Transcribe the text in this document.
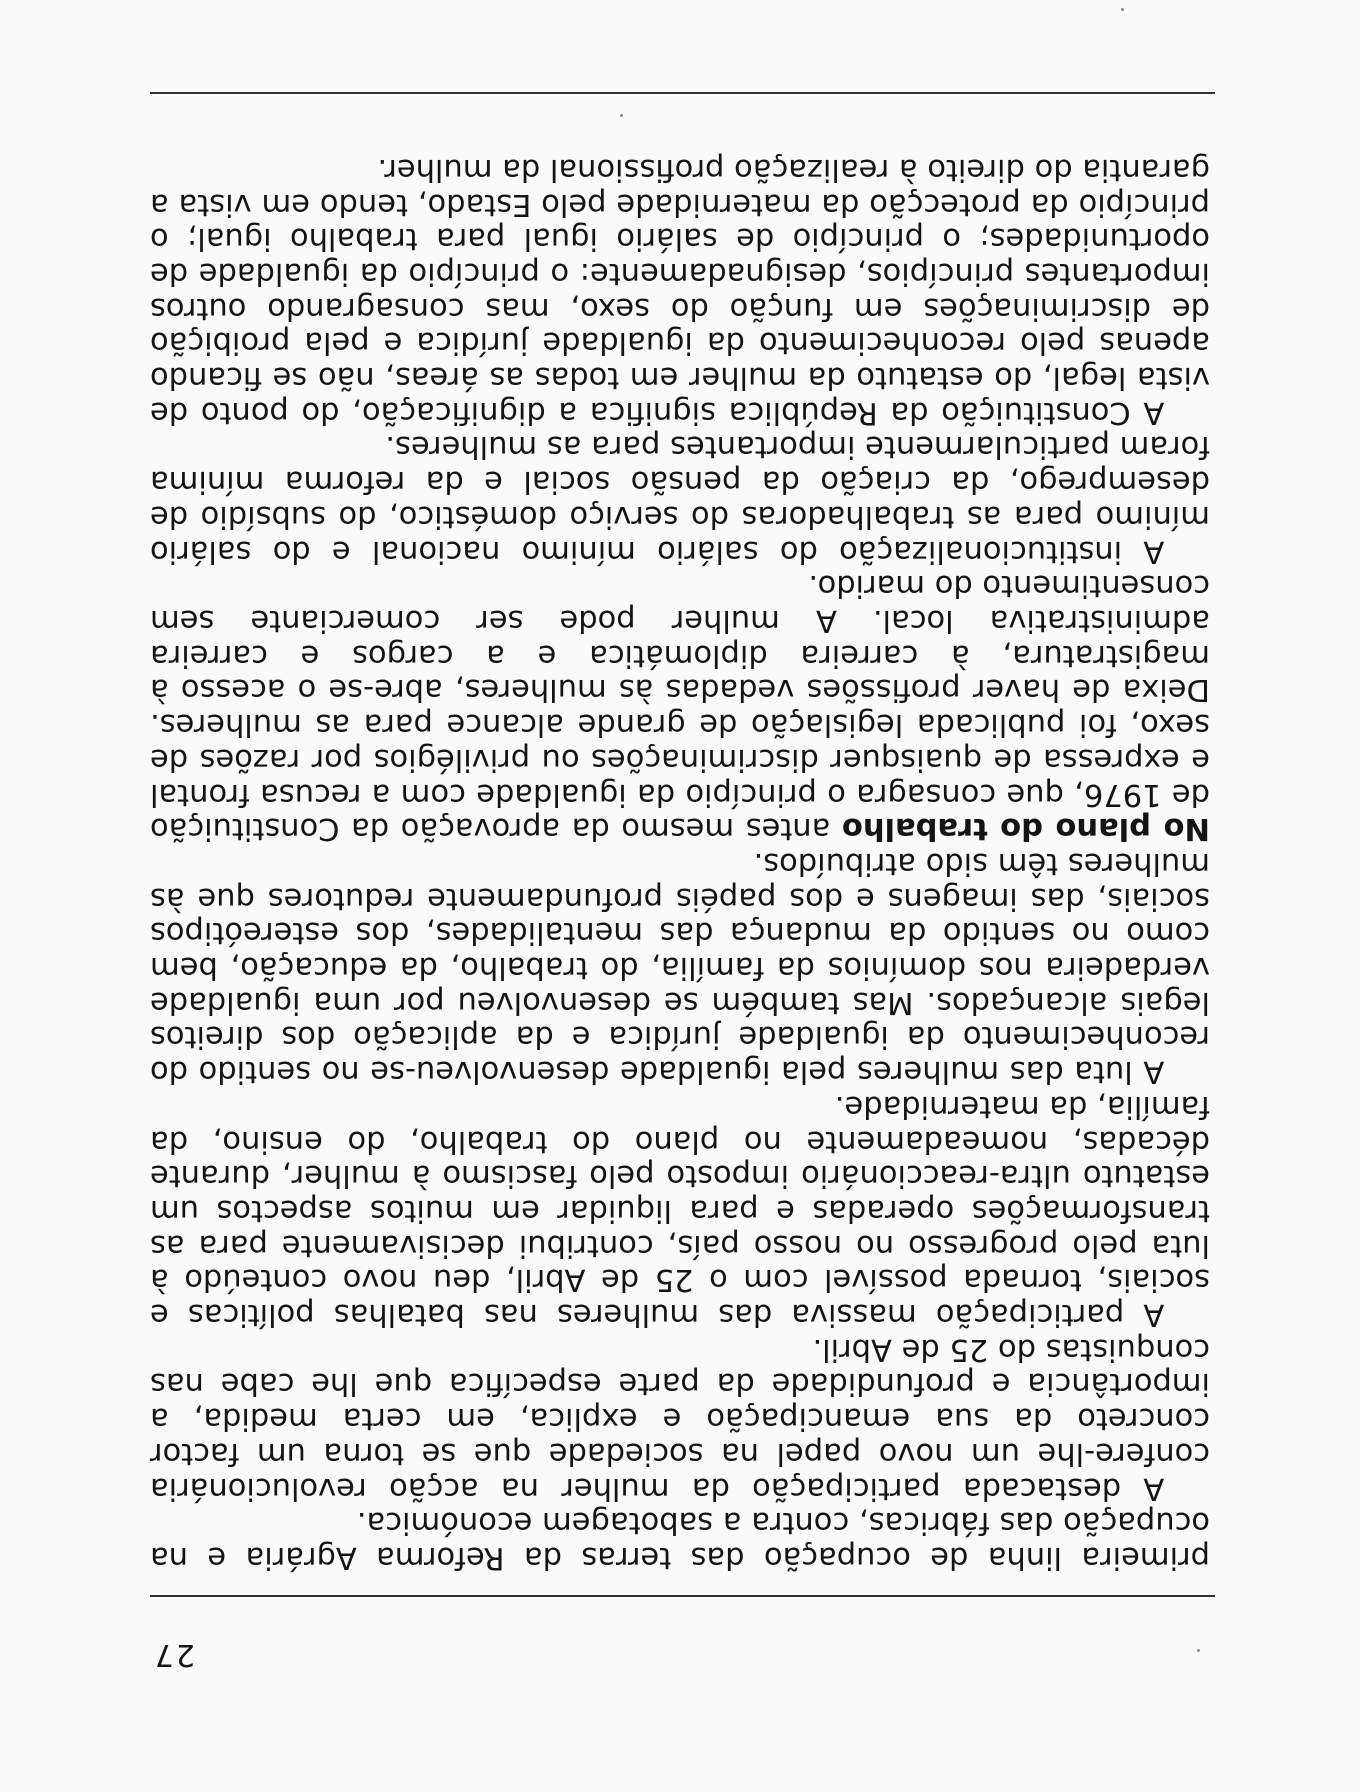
27

primeira linha de ocupação das terras da Reforma Agrária e na ocupação das fábricas, contra a sabotagem económica.

A destacada participação da mulher na acção revolucionária confere-lhe um novo papel na sociedade que se torna um factor concreto da sua emancipação e explica, em certa medida, a importância e profundidade da parte específica que lhe cabe nas conquistas do 25 de Abril.

A participação massiva das mulheres nas batalhas políticas e sociais, tornada possível com o 25 de Abril, deu novo conteúdo à luta pelo progresso no nosso país, contribui decisivamente para as transformações operadas e para liquidar em muitos aspectos um estatuto ultra-reaccionário imposto pelo fascismo à mulher, durante décadas, nomeadamente no plano do trabalho, do ensino, da família, da maternidade.

A luta das mulheres pela igualdade desenvolveu-se no sentido do reconhecimento da igualdade jurídica e da aplicação dos direitos legais alcançados. Mas também se desenvolveu por uma igualdade verdadeira nos domínios da família, do trabalho, da educação, bem como no sentido da mudança das mentalidades, dos estereótipos sociais, das imagens e dos papéis profundamente redutores que às mulheres têm sido atribuídos.

No plano do trabalho antes mesmo da aprovação da Constituição de 1976, que consagra o princípio da igualdade com a recusa frontal e expressa de quaisquer discriminações ou privilégios por razões de sexo, foi publicada legislação de grande alcance para as mulheres. Deixa de haver profissões vedadas às mulheres, abre-se o acesso à magistratura, à carreira diplomática e a cargos e carreira administrativa local. A mulher pode ser comerciante sem consentimento do marido.

A institucionalização do salário mínimo nacional e do salário mínimo para as trabalhadoras do serviço doméstico, do subsídio de desemprego, da criação da pensão social e da reforma mínima foram particularmente importantes para as mulheres.

A Constituição da República significa a dignificação, do ponto de vista legal, do estatuto da mulher em todas as áreas, não se ficando apenas pelo reconhecimento da igualdade jurídica e pela proibição de discriminações em função do sexo, mas consagrando outros importantes princípios, designadamente: o princípio da igualdade de oportunidades; o princípio de salário igual para trabalho igual; o princípio da protecção da maternidade pelo Estado, tendo em vista a garantia do direito à realização profissional da mulher.
